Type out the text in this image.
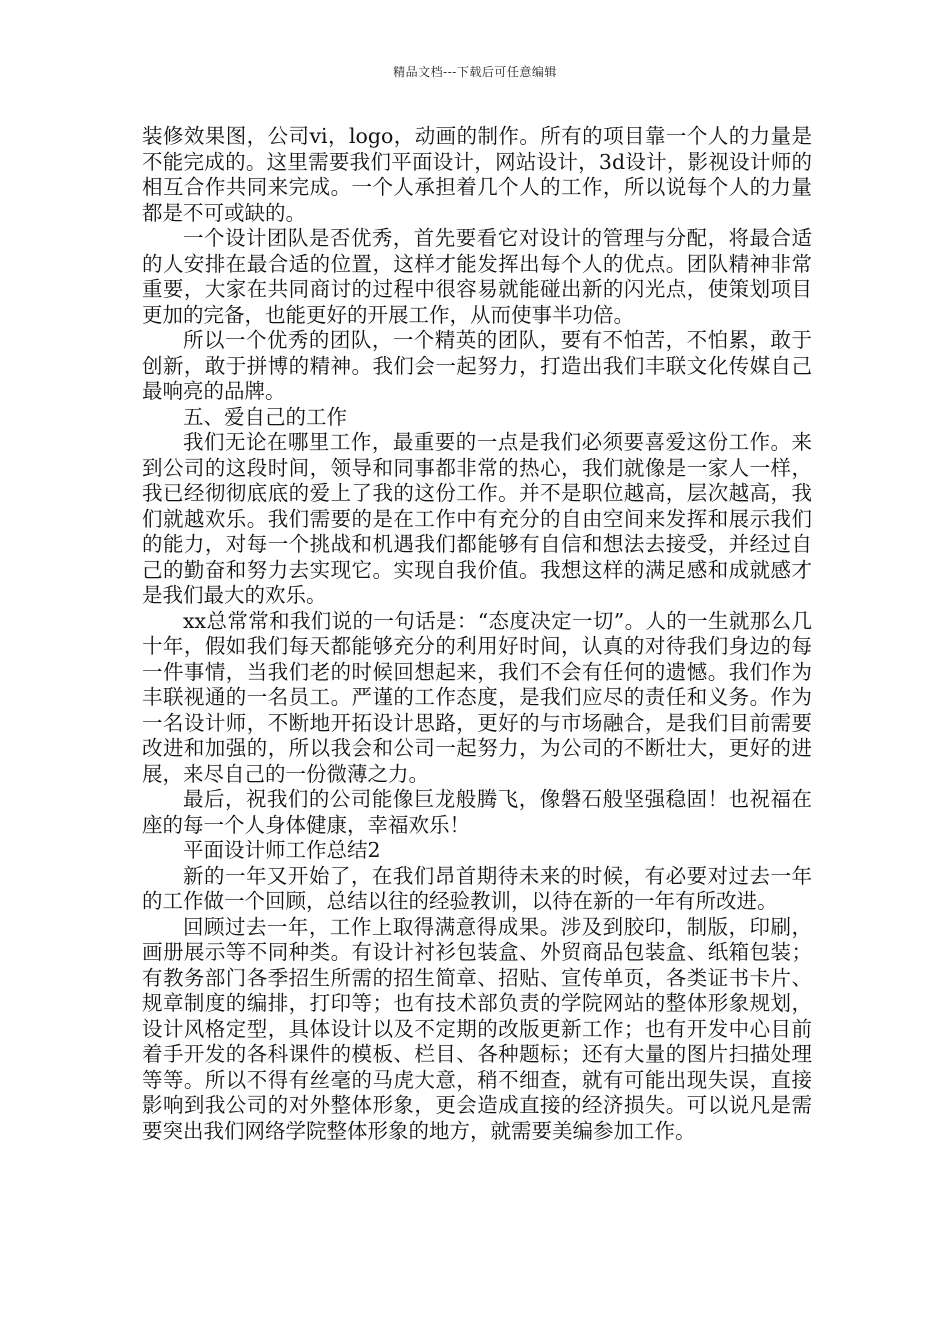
精品文档---下载后可任意编辑

装修效果图，公司vi，logo，动画的制作。所有的项目靠一个人的力量是不能完成的。这里需要我们平面设计，网站设计，3d设计，影视设计师的相互合作共同来完成。一个人承担着几个人的工作，所以说每个人的力量都是不可或缺的。

一个设计团队是否优秀，首先要看它对设计的管理与分配，将最合适的人安排在最合适的位置，这样才能发挥出每个人的优点。团队精神非常重要，大家在共同商讨的过程中很容易就能碰出新的闪光点，使策划项目更加的完备，也能更好的开展工作，从而使事半功倍。

所以一个优秀的团队，一个精英的团队，要有不怕苦，不怕累，敢于创新，敢于拼博的精神。我们会一起努力，打造出我们丰联文化传媒自己最响亮的品牌。

五、爱自己的工作

我们无论在哪里工作，最重要的一点是我们必须要喜爱这份工作。来到公司的这段时间，领导和同事都非常的热心，我们就像是一家人一样，我已经彻彻底底的爱上了我的这份工作。并不是职位越高，层次越高，我们就越欢乐。我们需要的是在工作中有充分的自由空间来发挥和展示我们的能力，对每一个挑战和机遇我们都能够有自信和想法去接受，并经过自己的勤奋和努力去实现它。实现自我价值。我想这样的满足感和成就感才是我们最大的欢乐。

xx总常常和我们说的一句话是：“态度决定一切”。人的一生就那么几十年，假如我们每天都能够充分的利用好时间，认真的对待我们身边的每一件事情，当我们老的时候回想起来，我们不会有任何的遗憾。我们作为丰联视通的一名员工。严谨的工作态度，是我们应尽的责任和义务。作为一名设计师，不断地开拓设计思路，更好的与市场融合，是我们目前需要改进和加强的，所以我会和公司一起努力，为公司的不断壮大，更好的进展，来尽自己的一份微薄之力。

最后，祝我们的公司能像巨龙般腾飞，像磐石般坚强稳固！也祝福在座的每一个人身体健康，幸福欢乐！

平面设计师工作总结2

新的一年又开始了，在我们昂首期待未来的时候，有必要对过去一年的工作做一个回顾，总结以往的经验教训，以待在新的一年有所改进。

回顾过去一年，工作上取得满意得成果。涉及到胶印，制版，印刷，画册展示等不同种类。有设计衬衫包装盒、外贸商品包装盒、纸箱包装；有教务部门各季招生所需的招生简章、招贴、宣传单页，各类证书卡片、规章制度的编排，打印等；也有技术部负责的学院网站的整体形象规划，设计风格定型，具体设计以及不定期的改版更新工作；也有开发中心目前着手开发的各科课件的模板、栏目、各种题标；还有大量的图片扫描处理等等。所以不得有丝毫的马虎大意，稍不细查，就有可能出现失误，直接影响到我公司的对外整体形象，更会造成直接的经济损失。可以说凡是需要突出我们网络学院整体形象的地方，就需要美编参加工作。
